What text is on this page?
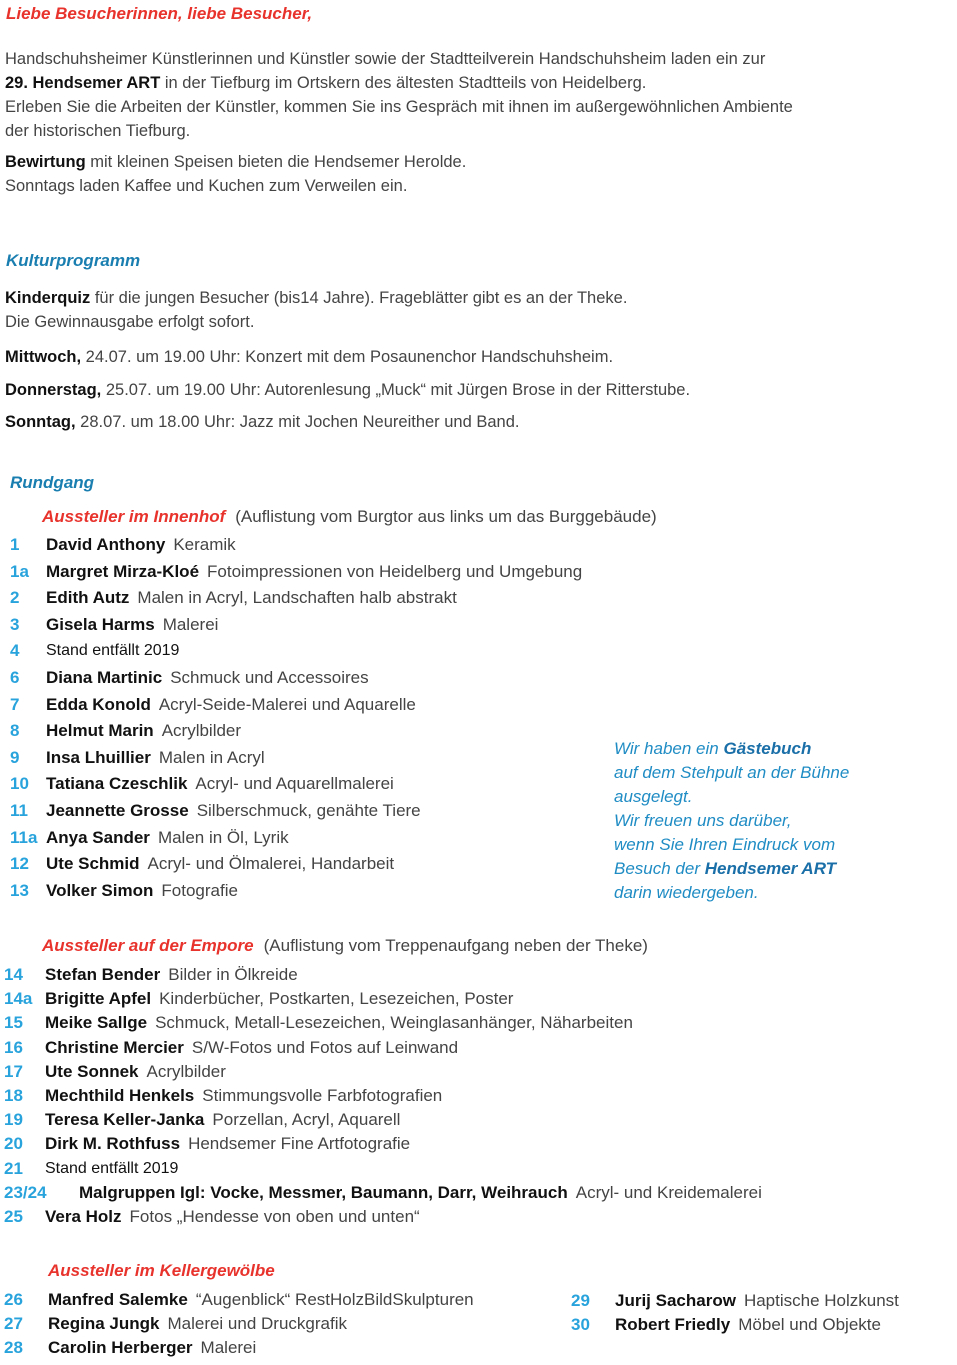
Liebe Besucherinnen, liebe Besucher,
Handschuhsheimer Künstlerinnen und Künstler sowie der Stadtteilverein Handschuhsheim laden ein zur
29. Hendsemer ART in der Tiefburg im Ortskern des ältesten Stadtteils von Heidelberg.
Erleben Sie die Arbeiten der Künstler, kommen Sie ins Gespräch mit ihnen im außergewöhnlichen Ambiente
der historischen Tiefburg.
Bewirtung mit kleinen Speisen bieten die Hendsemer Herolde.
Sonntags laden Kaffee und Kuchen zum Verweilen ein.
Kulturprogramm
Kinderquiz für die jungen Besucher (bis14 Jahre). Frageblätter gibt es an der Theke.
Die Gewinnausgabe erfolgt sofort.
Mittwoch, 24.07. um 19.00 Uhr: Konzert mit dem Posaunenchor Handschuhsheim.
Donnerstag, 25.07. um 19.00 Uhr: Autorenlesung „Muck“ mit Jürgen Brose in der Ritterstube.
Sonntag, 28.07. um 18.00 Uhr: Jazz mit Jochen Neureither und Band.
Rundgang
Aussteller im Innenhof (Auflistung vom Burgtor aus links um das Burggebäude)
1 David Anthony Keramik
1a Margret Mirza-Kloé Fotoimpressionen von Heidelberg und Umgebung
2 Edith Autz Malen in Acryl, Landschaften halb abstrakt
3 Gisela Harms Malerei
4 Stand entfällt 2019
6 Diana Martinic Schmuck und Accessoires
7 Edda Konold Acryl-Seide-Malerei und Aquarelle
8 Helmut Marin Acrylbilder
9 Insa Lhuillier Malen in Acryl
10 Tatiana Czeschlik Acryl- und Aquarellmalerei
11 Jeannette Grosse Silberschmuck, genähte Tiere
11a Anya Sander Malen in Öl, Lyrik
12 Ute Schmid Acryl- und Ölmalerei, Handarbeit
13 Volker Simon Fotografie
Wir haben ein Gästebuch
auf dem Stehpult an der Bühne
ausgelegt.
Wir freuen uns darüber,
wenn Sie Ihren Eindruck vom
Besuch der Hendsemer ART
darin wiedergeben.
Aussteller auf der Empore (Auflistung vom Treppenaufgang neben der Theke)
14 Stefan Bender Bilder in Ölkreide
14a Brigitte Apfel Kinderbücher, Postkarten, Lesezeichen, Poster
15 Meike Sallge Schmuck, Metall-Lesezeichen, Weinglasanhänger, Näharbeiten
16 Christine Mercier S/W-Fotos und Fotos auf Leinwand
17 Ute Sonnek Acrylbilder
18 Mechthild Henkels Stimmungsvolle Farbfotografien
19 Teresa Keller-Janka Porzellan, Acryl, Aquarell
20 Dirk M. Rothfuss Hendsemer Fine Artfotografie
21 Stand entfällt 2019
23/24 Malgruppen Igl: Vocke, Messmer, Baumann, Darr, Weihrauch Acryl- und Kreidemalerei
25 Vera Holz Fotos „Hendesse von oben und unten“
Aussteller im Kellergewölbe
26 Manfred Salemke “Augenblick“ RestHolzBildSkulpturen
27 Regina Jungk Malerei und Druckgrafik
28 Carolin Herberger Malerei
29 Jurij Sacharow Haptische Holzkunst
30 Robert Friedly Möbel und Objekte
